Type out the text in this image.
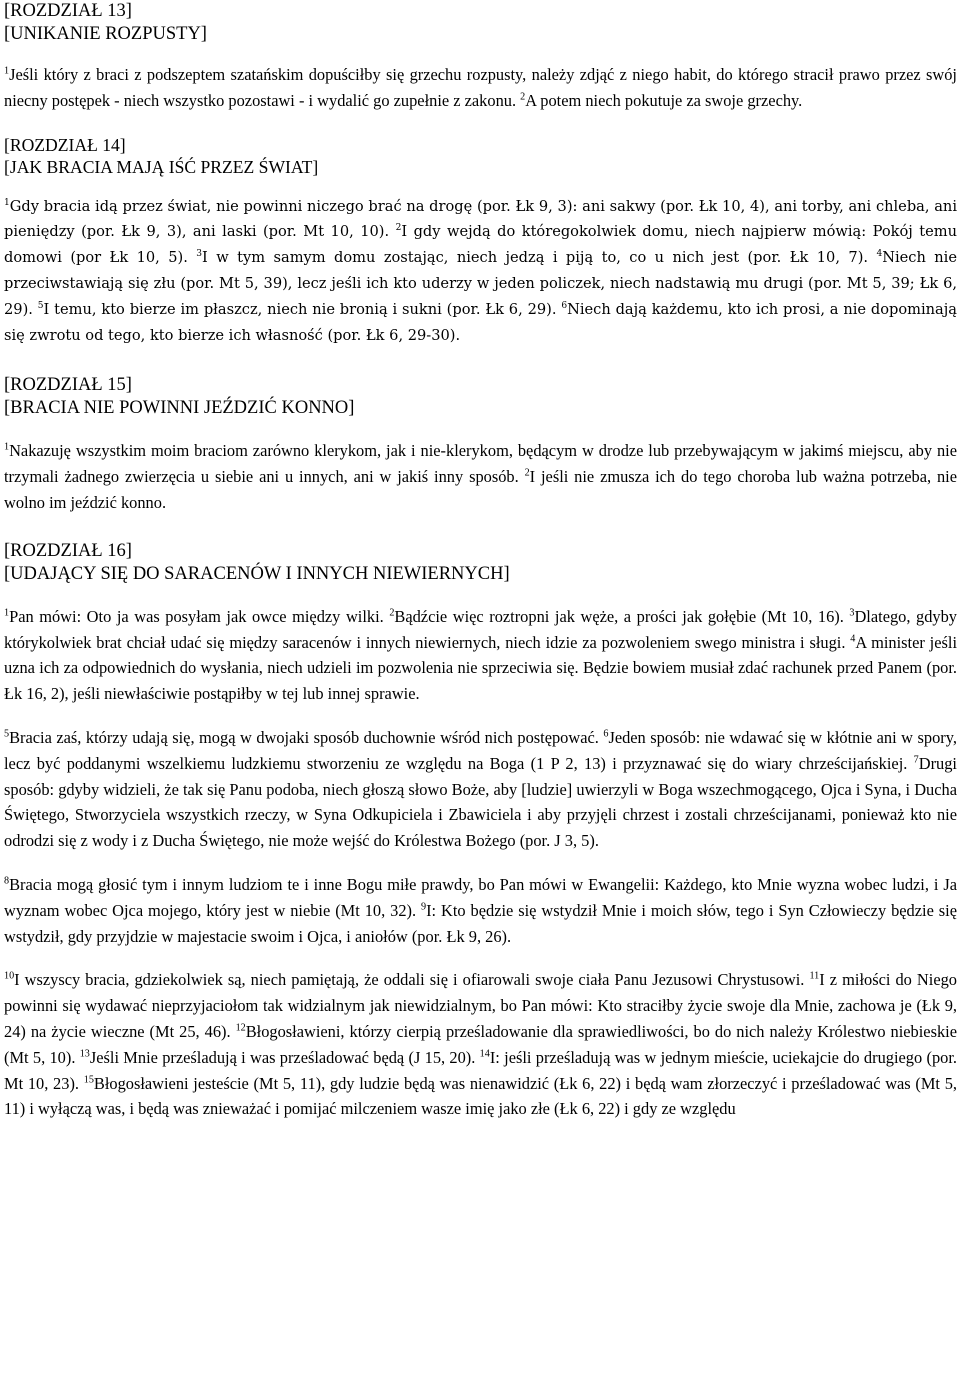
[ROZDZIAŁ 13]
[UNIKANIE ROZPUSTY]

$^1$Jeśli który z braci z podszeptem szatańskim dopuściłby się grzechu rozpusty, należy zdjąć z niego habit, do którego stracił prawo przez swój niecny postępek - niech wszystko pozostawi - i wydalić go zupełnie z zakonu. $^2$A potem niech pokutuje za swoje grzechy.

[ROZDZIAŁ 14]
[JAK BRACIA MAJĄ IŚĆ PRZEZ ŚWIAT]

$^1$Gdy bracia idą przez świat, nie powinni niczego brać na drogę (por. Łk 9, 3): ani sakwy (por. Łk 10, 4), ani torby, ani chleba, ani pieniędzy (por. Łk 9, 3), ani laski (por. Mt 10, 10). $^2$I gdy wejdą do któregokolwiek domu, niech najpierw mówią: Pokój temu domowi (por Łk 10, 5). $^3$I w tym samym domu zostając, niech jedzą i piją to, co u nich jest (por. Łk 10, 7). $^4$Niech nie przeciwstawiają się złu (por. Mt 5, 39), lecz jeśli ich kto uderzy w jeden policzek, niech nadstawią mu drugi (por. Mt 5, 39; Łk 6, 29). $^5$I temu, kto bierze im płaszcz, niech nie bronią i sukni (por. Łk 6, 29). $^6$Niech dają każdemu, kto ich prosi, a nie dopominają się zwrotu od tego, kto bierze ich własność (por. Łk 6, 29-30).

[ROZDZIAŁ 15]
[BRACIA NIE POWINNI JEŹDZIĆ KONNO]

$^1$Nakazuję wszystkim moim braciom zarówno klerykom, jak i nie-klerykom, będącym w drodze lub przebywającym w jakimś miejscu, aby nie trzymali żadnego zwierzęcia u siebie ani u innych, ani w jakiś inny sposób. $^2$I jeśli nie zmusza ich do tego choroba lub ważna potrzeba, nie wolno im jeździć konno.

[ROZDZIAŁ 16]
[UDAJĄCY SIĘ DO SARACENÓW I INNYCH NIEWIERNYCH]

$^1$Pan mówi: Oto ja was posyłam jak owce między wilki. $^2$Bądźcie więc roztropni jak węże, a prości jak gołębie (Mt 10, 16). $^3$Dlatego, gdyby którykolwiek brat chciał udać się między saracenów i innych niewiernych, niech idzie za pozwoleniem swego ministra i sługi. $^4$A minister jeśli uzna ich za odpowiednich do wysłania, niech udzieli im pozwolenia nie sprzeciwia się. Będzie bowiem musiał zdać rachunek przed Panem (por. Łk 16, 2), jeśli niewłaściwie postąpiłby w tej lub innej sprawie.

$^5$Bracia zaś, którzy udają się, mogą w dwojaki sposób duchownie wśród nich postępować. $^6$Jeden sposób: nie wdawać się w kłótnie ani w spory, lecz być poddanymi wszelkiemu ludzkiemu stworzeniu ze względu na Boga (1 P 2, 13) i przyznawać się do wiary chrześcijańskiej. $^7$Drugi sposób: gdyby widzieli, że tak się Panu podoba, niech głoszą słowo Boże, aby [ludzie] uwierzyli w Boga wszechmogącego, Ojca i Syna, i Ducha Świętego, Stworzyciela wszystkich rzeczy, w Syna Odkupiciela i Zbawiciela i aby przyjęli chrzest i zostali chrześcijanami, ponieważ kto nie odrodzi się z wody i z Ducha Świętego, nie może wejść do Królestwa Bożego (por. J 3, 5).

$^8$Bracia mogą głosić tym i innym ludziom te i inne Bogu miłe prawdy, bo Pan mówi w Ewangelii: Każdego, kto Mnie wyzna wobec ludzi, i Ja wyznam wobec Ojca mojego, który jest w niebie (Mt 10, 32). $^9$I: Kto będzie się wstydził Mnie i moich słów, tego i Syn Człowieczy będzie się wstydził, gdy przyjdzie w majestacie swoim i Ojca, i aniołów (por. Łk 9, 26).

$^{10}$I wszyscy bracia, gdziekolwiek są, niech pamiętają, że oddali się i ofiarowali swoje ciała Panu Jezusowi Chrystusowi. $^{11}$I z miłości do Niego powinni się wydawać nieprzyjaciołom tak widzialnym jak niewidzialnym, bo Pan mówi: Kto straciłby życie swoje dla Mnie, zachowa je (Łk 9, 24) na życie wieczne (Mt 25, 46). $^{12}$Błogosławieni, którzy cierpią prześladowanie dla sprawiedliwości, bo do nich należy Królestwo niebieskie (Mt 5, 10). $^{13}$Jeśli Mnie prześladują i was prześladować będą (J 15, 20). $^{14}$I: jeśli prześladują was w jednym mieście, uciekajcie do drugiego (por. Mt 10, 23). $^{15}$Błogosławieni jesteście (Mt 5, 11), gdy ludzie będą was nienawidzić (Łk 6, 22) i będą wam złorzeczyć i prześladować was (Mt 5, 11) i wyłączą was, i będą was znieważać i pomijać milczeniem wasze imię jako złe (Łk 6, 22) i gdy ze względu
